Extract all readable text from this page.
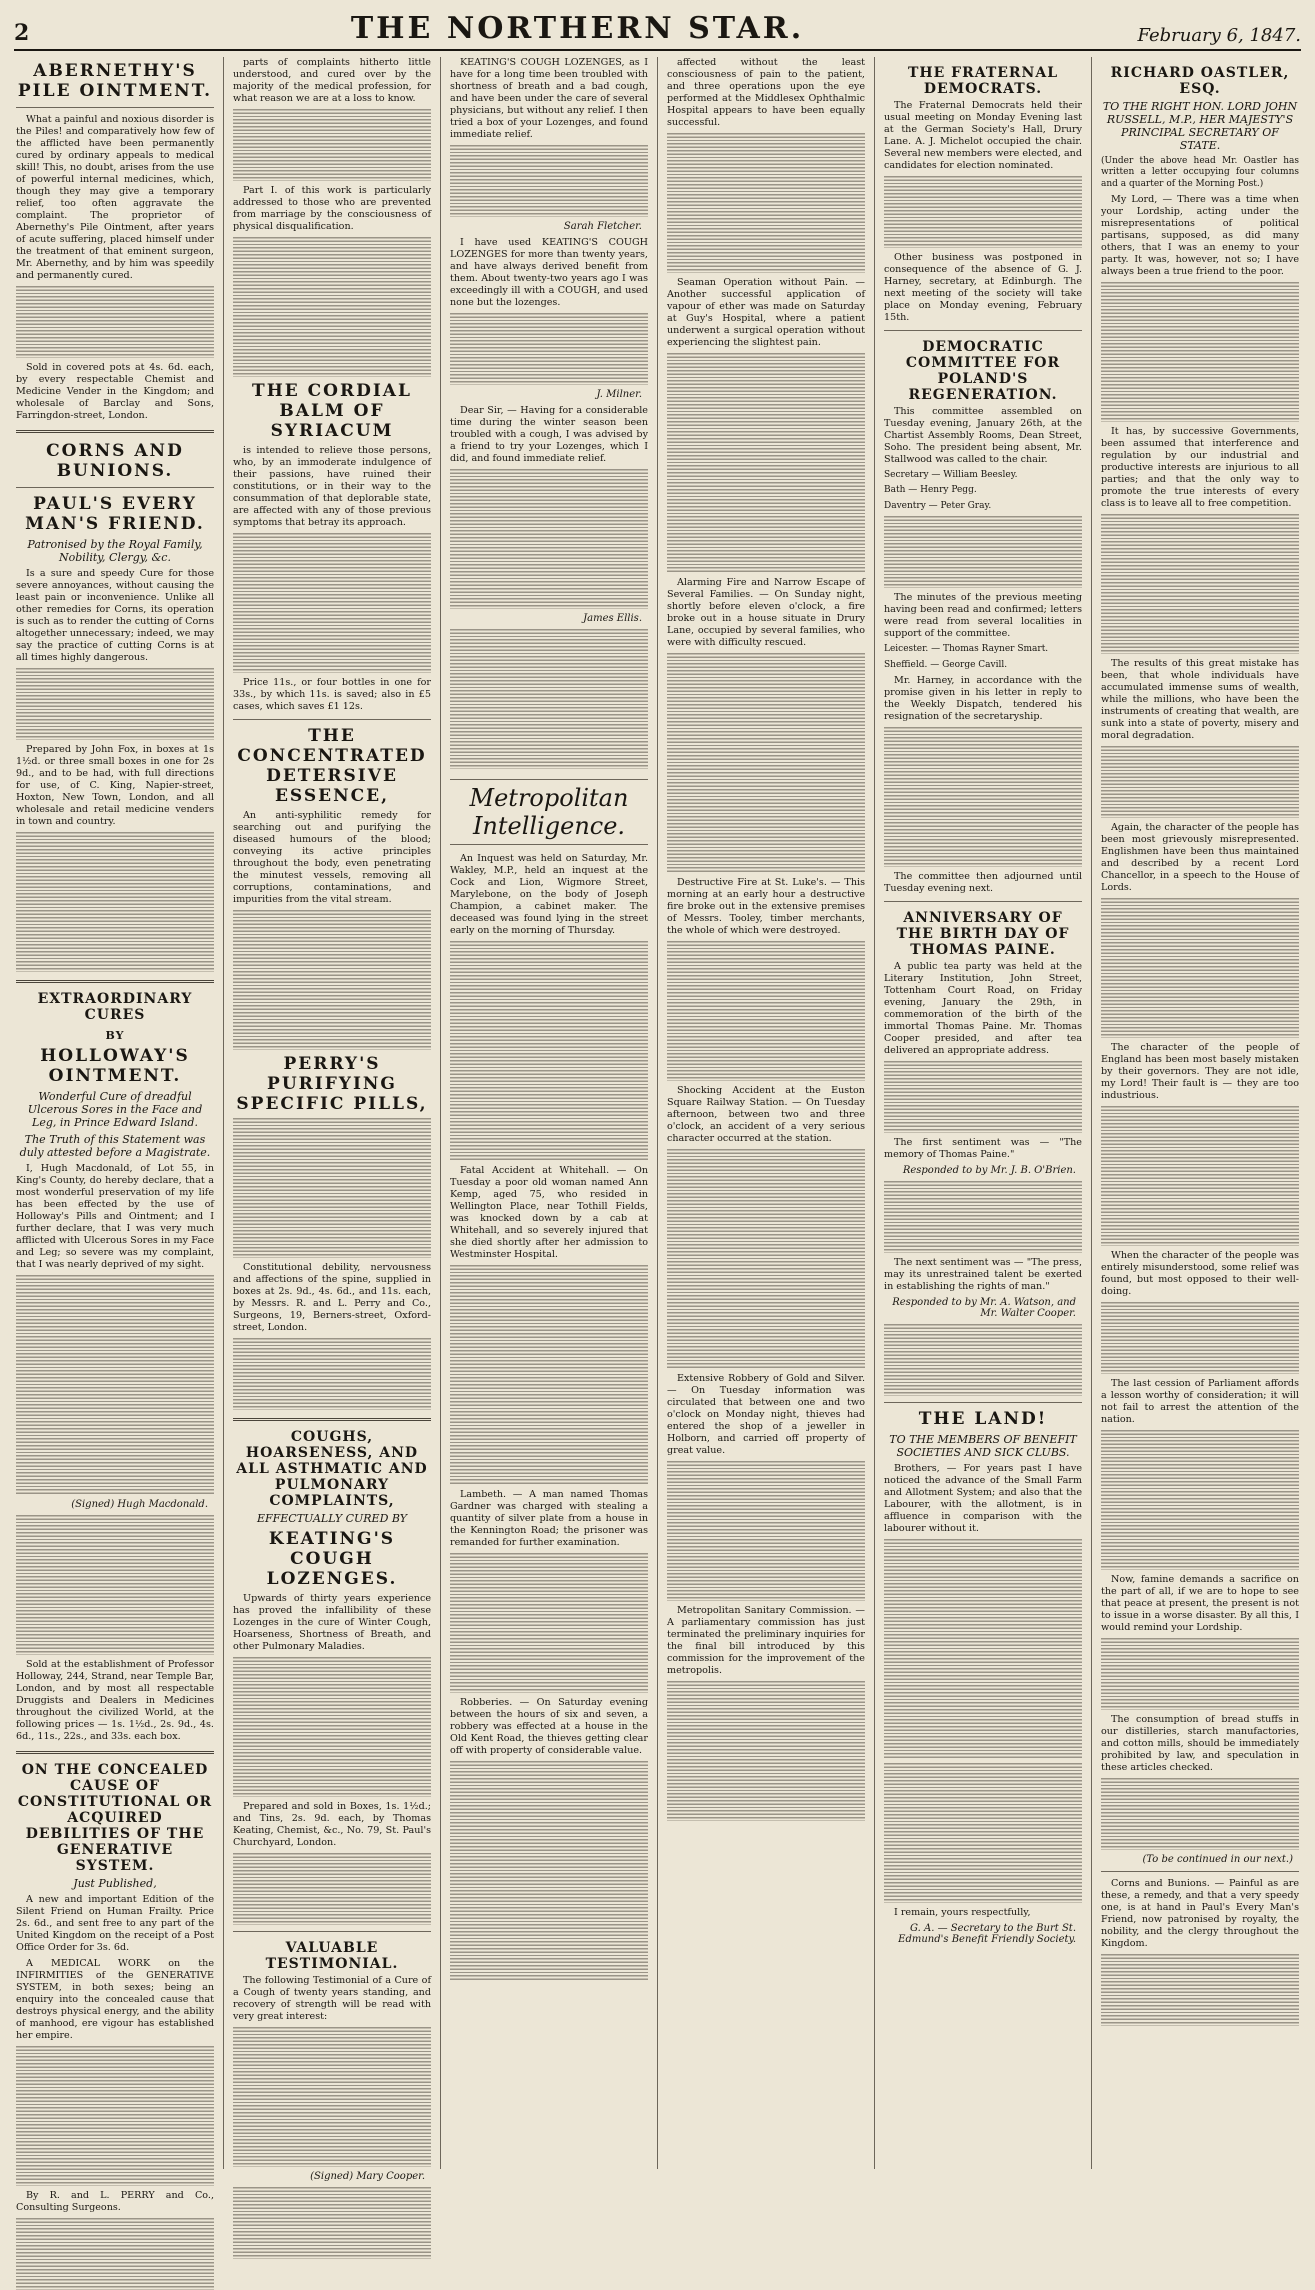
2	THE NORTHERN STAR.	February 6, 1847.
ABERNETHY'S PILE OINTMENT.

What a painful and noxious disorder is the Piles! and comparatively how few of the afflicted have been permanently cured by ordinary appeals to medical skill! This, no doubt, arises from the use of powerful internal medicines, which, though they may give a temporary relief, too often aggravate the complaint. The proprietor of Abernethy's Pile Ointment, after years of acute suffering, placed himself under the treatment of that eminent surgeon, Mr. Abernethy, and by him was speedily and permanently cured.

Sold in covered pots at 4s. 6d. each, by every respectable Chemist and Medicine Vender in the Kingdom; and wholesale of Barclay and Sons, Farringdon-street, London.

CORNS AND BUNIONS.
PAUL'S EVERY MAN'S FRIEND.
Patronised by the Royal Family, Nobility, Clergy, &c.

Is a sure and speedy Cure for those severe annoyances, without causing the least pain or inconvenience. Unlike all other remedies for Corns, its operation is such as to render the cutting of Corns altogether unnecessary; indeed, we may say the practice of cutting Corns is at all times highly dangerous.

Prepared by John Fox, in boxes at 1s 1½d. or three small boxes in one for 2s 9d., and to be had, with full directions for use, of C. King, Napier-street, Hoxton, New Town, London, and all wholesale and retail medicine venders in town and country.

EXTRAORDINARY CURES
BY
HOLLOWAY'S OINTMENT.
Wonderful Cure of dreadful Ulcerous Sores in the Face and Leg, in Prince Edward Island.
The Truth of this Statement was duly attested before a Magistrate.

I, Hugh Macdonald, of Lot 55, in King's County, do hereby declare, that a most wonderful preservation of my life has been effected by the use of Holloway's Pills and Ointment; and I further declare, that I was very much afflicted with Ulcerous Sores in my Face and Leg; so severe was my complaint, that I was nearly deprived of my sight.

(Signed) Hugh Macdonald.

Sold at the establishment of Professor Holloway, 244, Strand, near Temple Bar, London, and by most all respectable Druggists and Dealers in Medicines throughout the civilized World, at the following prices — 1s. 1½d., 2s. 9d., 4s. 6d., 11s., 22s., and 33s. each box.

ON THE CONCEALED CAUSE OF CONSTITUTIONAL OR ACQUIRED DEBILITIES OF THE GENERATIVE SYSTEM.
Just Published,

A new and important Edition of the Silent Friend on Human Frailty. Price 2s. 6d., and sent free to any part of the United Kingdom on the receipt of a Post Office Order for 3s. 6d.

A MEDICAL WORK on the INFIRMITIES of the GENERATIVE SYSTEM, in both sexes; being an enquiry into the concealed cause that destroys physical energy, and the ability of manhood, ere vigour has established her empire.

By R. and L. PERRY and Co., Consulting Surgeons.

parts of complaints hitherto little understood, and cured over by the majority of the medical profession, for what reason we are at a loss to know.

Part I. of this work is particularly addressed to those who are prevented from marriage by the consciousness of physical disqualification.

THE CORDIAL BALM OF SYRIACUM

is intended to relieve those persons, who, by an immoderate indulgence of their passions, have ruined their constitutions, or in their way to the consummation of that deplorable state, are affected with any of those previous symptoms that betray its approach.

Price 11s., or four bottles in one for 33s., by which 11s. is saved; also in £5 cases, which saves £1 12s.

THE CONCENTRATED DETERSIVE ESSENCE,

An anti-syphilitic remedy for searching out and purifying the diseased humours of the blood; conveying its active principles throughout the body, even penetrating the minutest vessels, removing all corruptions, contaminations, and impurities from the vital stream.

PERRY'S PURIFYING SPECIFIC PILLS,

Constitutional debility, nervousness and affections of the spine, supplied in boxes at 2s. 9d., 4s. 6d., and 11s. each, by Messrs. R. and L. Perry and Co., Surgeons, 19, Berners-street, Oxford-street, London.

COUGHS, HOARSENESS, AND ALL ASTHMATIC AND PULMONARY COMPLAINTS,
EFFECTUALLY CURED BY
KEATING'S COUGH LOZENGES.

Upwards of thirty years experience has proved the infallibility of these Lozenges in the cure of Winter Cough, Hoarseness, Shortness of Breath, and other Pulmonary Maladies.

Prepared and sold in Boxes, 1s. 1½d.; and Tins, 2s. 9d. each, by Thomas Keating, Chemist, &c., No. 79, St. Paul's Churchyard, London.

VALUABLE TESTIMONIAL.

The following Testimonial of a Cure of a Cough of twenty years standing, and recovery of strength will be read with very great interest:

(Signed) Mary Cooper.

KEATING'S COUGH LOZENGES, as I have for a long time been troubled with shortness of breath and a bad cough, and have been under the care of several physicians, but without any relief. I then tried a box of your Lozenges, and found immediate relief.

Sarah Fletcher.

I have used KEATING'S COUGH LOZENGES for more than twenty years, and have always derived benefit from them. About twenty-two years ago I was exceedingly ill with a COUGH, and used none but the lozenges.

J. Milner.

Dear Sir, — Having for a considerable time during the winter season been troubled with a cough, I was advised by a friend to try your Lozenges, which I did, and found immediate relief.

James Ellis.
Metropolitan Intelligence.

An Inquest was held on Saturday, Mr. Wakley, M.P., held an inquest at the Cock and Lion, Wigmore Street, Marylebone, on the body of Joseph Champion, a cabinet maker. The deceased was found lying in the street early on the morning of Thursday.

Fatal Accident at Whitehall. — On Tuesday a poor old woman named Ann Kemp, aged 75, who resided in Wellington Place, near Tothill Fields, was knocked down by a cab at Whitehall, and so severely injured that she died shortly after her admission to Westminster Hospital.

Lambeth. — A man named Thomas Gardner was charged with stealing a quantity of silver plate from a house in the Kennington Road; the prisoner was remanded for further examination.

Robberies. — On Saturday evening between the hours of six and seven, a robbery was effected at a house in the Old Kent Road, the thieves getting clear off with property of considerable value.

affected without the least consciousness of pain to the patient, and three operations upon the eye performed at the Middlesex Ophthalmic Hospital appears to have been equally successful.

Seaman Operation without Pain. — Another successful application of vapour of ether was made on Saturday at Guy's Hospital, where a patient underwent a surgical operation without experiencing the slightest pain.

Alarming Fire and Narrow Escape of Several Families. — On Sunday night, shortly before eleven o'clock, a fire broke out in a house situate in Drury Lane, occupied by several families, who were with difficulty rescued.

Destructive Fire at St. Luke's. — This morning at an early hour a destructive fire broke out in the extensive premises of Messrs. Tooley, timber merchants, the whole of which were destroyed.

Shocking Accident at the Euston Square Railway Station. — On Tuesday afternoon, between two and three o'clock, an accident of a very serious character occurred at the station.

Extensive Robbery of Gold and Silver. — On Tuesday information was circulated that between one and two o'clock on Monday night, thieves had entered the shop of a jeweller in Holborn, and carried off property of great value.

Metropolitan Sanitary Commission. — A parliamentary commission has just terminated the preliminary inquiries for the final bill introduced by this commission for the improvement of the metropolis.

THE FRATERNAL DEMOCRATS.

The Fraternal Democrats held their usual meeting on Monday Evening last at the German Society's Hall, Drury Lane. A. J. Michelot occupied the chair. Several new members were elected, and candidates for election nominated.

Other business was postponed in consequence of the absence of G. J. Harney, secretary, at Edinburgh. The next meeting of the society will take place on Monday evening, February 15th.

DEMOCRATIC COMMITTEE FOR POLAND'S REGENERATION.

This committee assembled on Tuesday evening, January 26th, at the Chartist Assembly Rooms, Dean Street, Soho. The president being absent, Mr. Stallwood was called to the chair.

Secretary — William Beesley.

Bath — Henry Pegg.

Daventry — Peter Gray.

The minutes of the previous meeting having been read and confirmed; letters were read from several localities in support of the committee.

Leicester. — Thomas Rayner Smart.

Sheffield. — George Cavill.

Mr. Harney, in accordance with the promise given in his letter in reply to the Weekly Dispatch, tendered his resignation of the secretaryship.

The committee then adjourned until Tuesday evening next.

ANNIVERSARY OF THE BIRTH DAY OF THOMAS PAINE.

A public tea party was held at the Literary Institution, John Street, Tottenham Court Road, on Friday evening, January the 29th, in commemoration of the birth of the immortal Thomas Paine. Mr. Thomas Cooper presided, and after tea delivered an appropriate address.

The first sentiment was — "The memory of Thomas Paine."

Responded to by Mr. J. B. O'Brien.

The next sentiment was — "The press, may its unrestrained talent be exerted in establishing the rights of man."

Responded to by Mr. A. Watson, and Mr. Walter Cooper.
THE LAND!
TO THE MEMBERS OF BENEFIT SOCIETIES AND SICK CLUBS.

Brothers, — For years past I have noticed the advance of the Small Farm and Allotment System; and also that the Labourer, with the allotment, is in affluence in comparison with the labourer without it.

I remain, yours respectfully,

G. A. — Secretary to the Burt St. Edmund's Benefit Friendly Society.
RICHARD OASTLER, ESQ.
TO THE RIGHT HON. LORD JOHN RUSSELL, M.P., HER MAJESTY'S PRINCIPAL SECRETARY OF STATE.

(Under the above head Mr. Oastler has written a letter occupying four columns and a quarter of the Morning Post.)

My Lord, — There was a time when your Lordship, acting under the misrepresentations of political partisans, supposed, as did many others, that I was an enemy to your party. It was, however, not so; I have always been a true friend to the poor.

It has, by successive Governments, been assumed that interference and regulation by our industrial and productive interests are injurious to all parties; and that the only way to promote the true interests of every class is to leave all to free competition.

The results of this great mistake has been, that whole individuals have accumulated immense sums of wealth, while the millions, who have been the instruments of creating that wealth, are sunk into a state of poverty, misery and moral degradation.

Again, the character of the people has been most grievously misrepresented. Englishmen have been thus maintained and described by a recent Lord Chancellor, in a speech to the House of Lords.

The character of the people of England has been most basely mistaken by their governors. They are not idle, my Lord! Their fault is — they are too industrious.

When the character of the people was entirely misunderstood, some relief was found, but most opposed to their well-doing.

The last cession of Parliament affords a lesson worthy of consideration; it will not fail to arrest the attention of the nation.

Now, famine demands a sacrifice on the part of all, if we are to hope to see that peace at present, the present is not to issue in a worse disaster. By all this, I would remind your Lordship.

The consumption of bread stuffs in our distilleries, starch manufactories, and cotton mills, should be immediately prohibited by law, and speculation in these articles checked.

(To be continued in our next.)

Corns and Bunions. — Painful as are these, a remedy, and that a very speedy one, is at hand in Paul's Every Man's Friend, now patronised by royalty, the nobility, and the clergy throughout the Kingdom.
